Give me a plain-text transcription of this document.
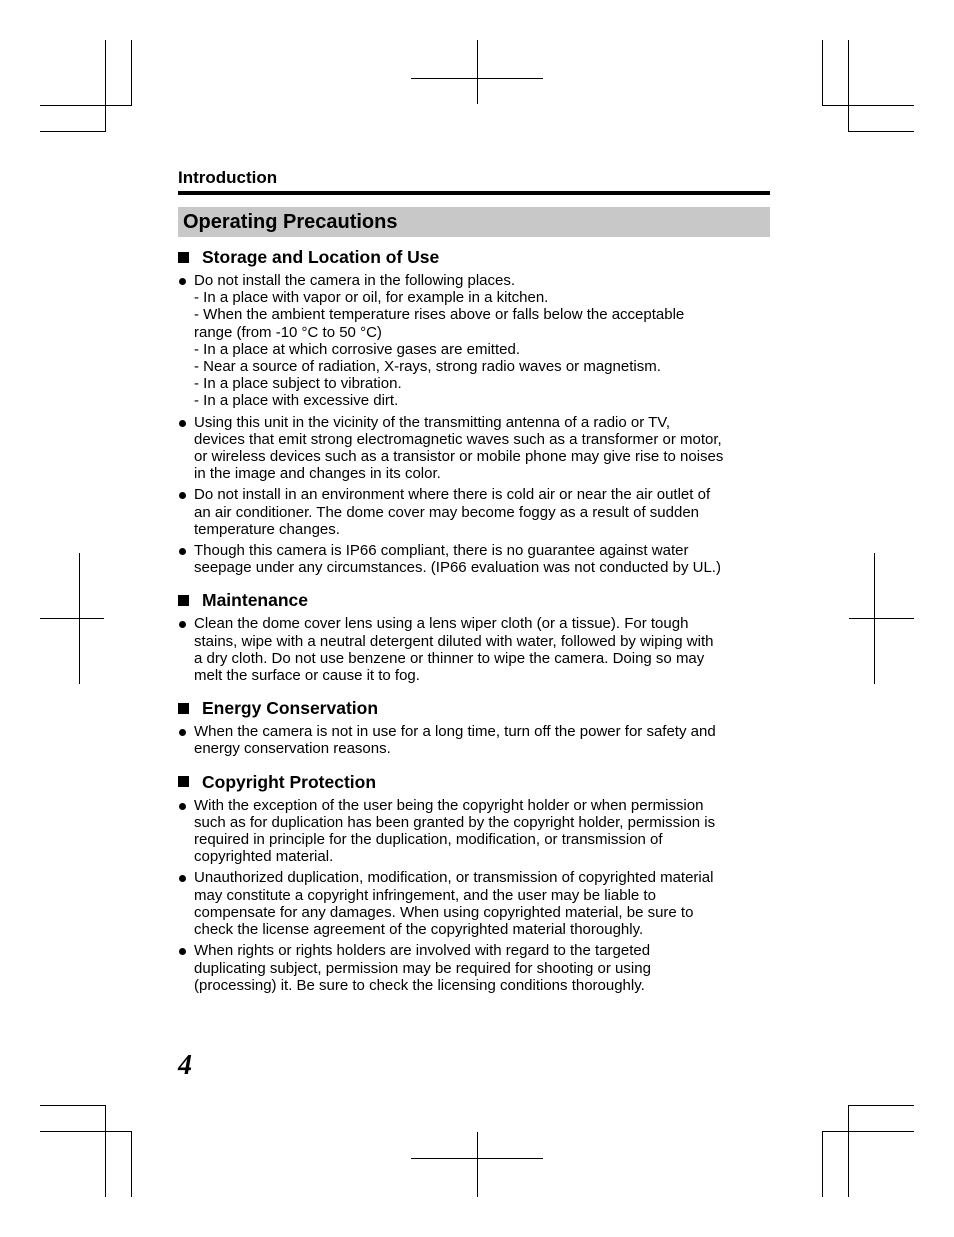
Introduction
Operating Precautions
Storage and Location of Use
Do not install the camera in the following places.
- In a place with vapor or oil, for example in a kitchen.
- When the ambient temperature rises above or falls below the acceptable
range (from -10 °C to 50 °C)
- In a place at which corrosive gases are emitted.
- Near a source of radiation, X-rays, strong radio waves or magnetism.
- In a place subject to vibration.
- In a place with excessive dirt.
Using this unit in the vicinity of the transmitting antenna of a radio or TV,
devices that emit strong electromagnetic waves such as a transformer or motor,
or wireless devices such as a transistor or mobile phone may give rise to noises
in the image and changes in its color.
Do not install in an environment where there is cold air or near the air outlet of
an air conditioner. The dome cover may become foggy as a result of sudden
temperature changes.
Though this camera is IP66 compliant, there is no guarantee against water
seepage under any circumstances. (IP66 evaluation was not conducted by UL.)
Maintenance
Clean the dome cover lens using a lens wiper cloth (or a tissue). For tough
stains, wipe with a neutral detergent diluted with water, followed by wiping with
a dry cloth. Do not use benzene or thinner to wipe the camera. Doing so may
melt the surface or cause it to fog.
Energy Conservation
When the camera is not in use for a long time, turn off the power for safety and
energy conservation reasons.
Copyright Protection
With the exception of the user being the copyright holder or when permission
such as for duplication has been granted by the copyright holder, permission is
required in principle for the duplication, modification, or transmission of
copyrighted material.
Unauthorized duplication, modification, or transmission of copyrighted material
may constitute a copyright infringement, and the user may be liable to
compensate for any damages. When using copyrighted material, be sure to
check the license agreement of the copyrighted material thoroughly.
When rights or rights holders are involved with regard to the targeted
duplicating subject, permission may be required for shooting or using
(processing) it. Be sure to check the licensing conditions thoroughly.
4
